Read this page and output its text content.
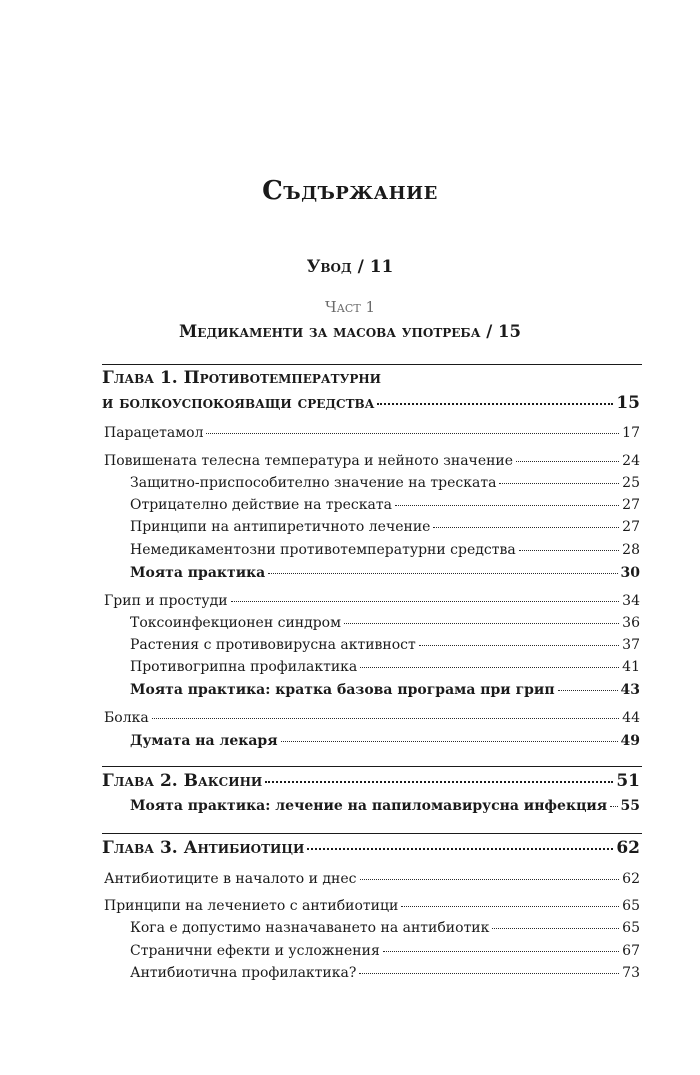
Съдържание
Увод / 11
Част 1
Медикаменти за масова употреба / 15
Глава 1. Противотемпературни
и болкоуспокояващи средства	15
Парацетамол	17
Повишената телесна температура и нейното значение	24
Защитно-приспособително значение на треската	25
Отрицателно действие на треската	27
Принципи на антипиретичното лечение	27
Немедикаментозни противотемпературни средства	28
Моята практика	30
Грип и простуди	34
Токсоинфекционен синдром	36
Растения с противовирусна активност	37
Противогрипна профилактика	41
Моята практика: кратка базова програма при грип	43
Болка	44
Думата на лекаря	49
Глава 2. Ваксини	51
Моята практика: лечение на папиломавирусна инфекция 55
Глава 3. Антибиотици	62
Антибиотиците в началото и днес	62
Принципи на лечението с антибиотици	65
Кога е допустимо назначаването на антибиотик	65
Странични ефекти и усложнения	67
Антибиотична профилактика?	73
